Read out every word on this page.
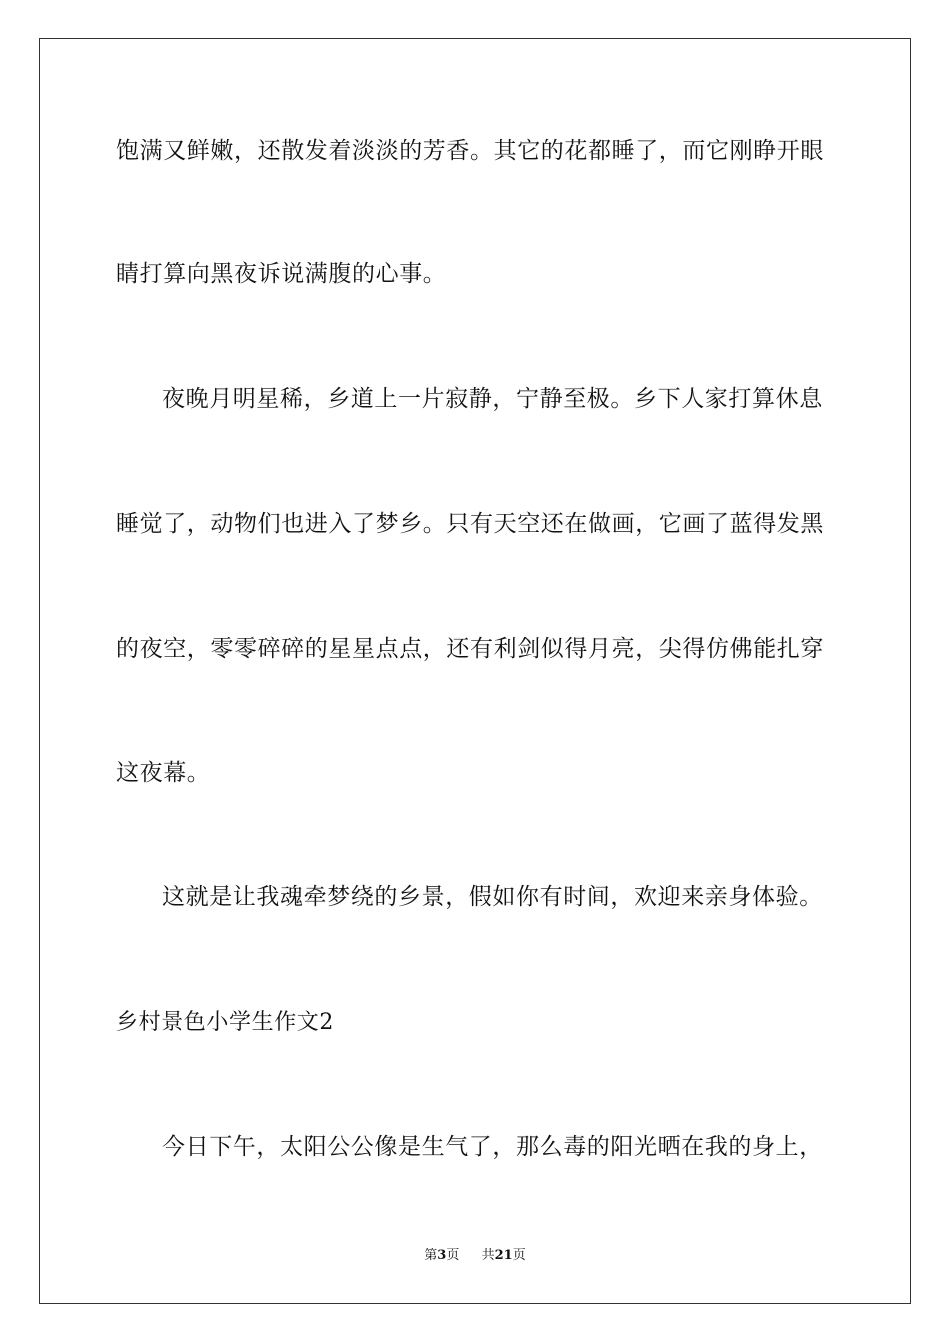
饱满又鲜嫩，还散发着淡淡的芳香。其它的花都睡了，而它刚睁开眼
睛打算向黑夜诉说满腹的心事。
夜晚月明星稀，乡道上一片寂静，宁静至极。乡下人家打算休息
睡觉了，动物们也进入了梦乡。只有天空还在做画，它画了蓝得发黑
的夜空，零零碎碎的星星点点，还有利剑似得月亮，尖得仿佛能扎穿
这夜幕。
这就是让我魂牵梦绕的乡景，假如你有时间，欢迎来亲身体验。
乡村景色小学生作文2
今日下午，太阳公公像是生气了，那么毒的阳光晒在我的身上，
第3页 共21页
